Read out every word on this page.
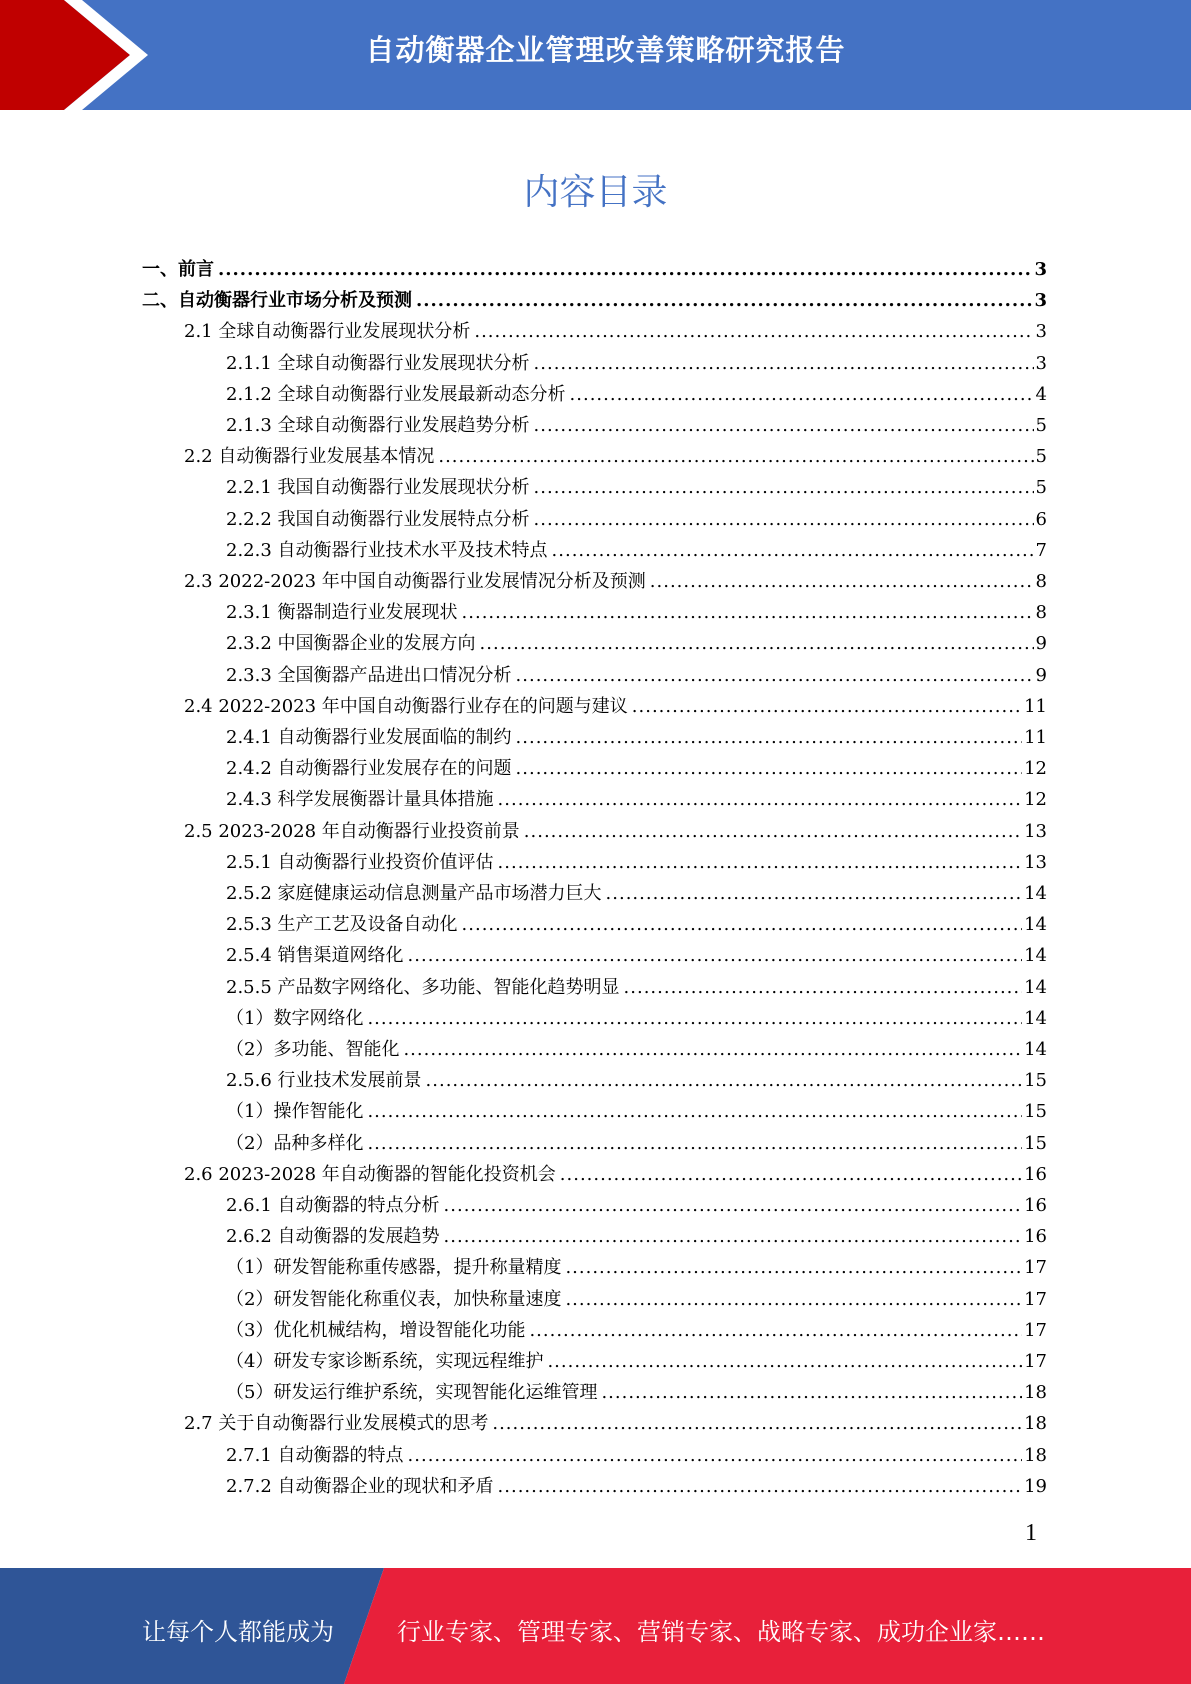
自动衡器企业管理改善策略研究报告
内容目录
一、前言 .....	3
二、自动衡器行业市场分析及预测 .....	3
2.1 全球自动衡器行业发展现状分析 .....	3
2.1.1 全球自动衡器行业发展现状分析 .....	3
2.1.2 全球自动衡器行业发展最新动态分析 .....	4
2.1.3 全球自动衡器行业发展趋势分析 .....	5
2.2 自动衡器行业发展基本情况 .....	5
2.2.1 我国自动衡器行业发展现状分析 .....	5
2.2.2 我国自动衡器行业发展特点分析 .....	6
2.2.3 自动衡器行业技术水平及技术特点 .....	7
2.3 2022-2023 年中国自动衡器行业发展情况分析及预测 .....	8
2.3.1 衡器制造行业发展现状 .....	8
2.3.2 中国衡器企业的发展方向 .....	9
2.3.3 全国衡器产品进出口情况分析 .....	9
2.4 2022-2023 年中国自动衡器行业存在的问题与建议 .....	11
2.4.1 自动衡器行业发展面临的制约 .....	11
2.4.2 自动衡器行业发展存在的问题 .....	12
2.4.3 科学发展衡器计量具体措施 .....	12
2.5 2023-2028 年自动衡器行业投资前景 .....	13
2.5.1 自动衡器行业投资价值评估 .....	13
2.5.2 家庭健康运动信息测量产品市场潜力巨大 .....	14
2.5.3 生产工艺及设备自动化 .....	14
2.5.4 销售渠道网络化 .....	14
2.5.5 产品数字网络化、多功能、智能化趋势明显 .....	14
（1）数字网络化 .....	14
（2）多功能、智能化 .....	14
2.5.6 行业技术发展前景 .....	15
（1）操作智能化 .....	15
（2）品种多样化 .....	15
2.6 2023-2028 年自动衡器的智能化投资机会 .....	16
2.6.1 自动衡器的特点分析 .....	16
2.6.2 自动衡器的发展趋势 .....	16
（1）研发智能称重传感器，提升称量精度 .....	17
（2）研发智能化称重仪表，加快称量速度 .....	17
（3）优化机械结构，增设智能化功能 .....	17
（4）研发专家诊断系统，实现远程维护 .....	17
（5）研发运行维护系统，实现智能化运维管理 .....	18
2.7 关于自动衡器行业发展模式的思考 .....	18
2.7.1 自动衡器的特点 .....	18
2.7.2 自动衡器企业的现状和矛盾 .....	19
1
让每个人都能成为	行业专家、管理专家、营销专家、战略专家、成功企业家……
